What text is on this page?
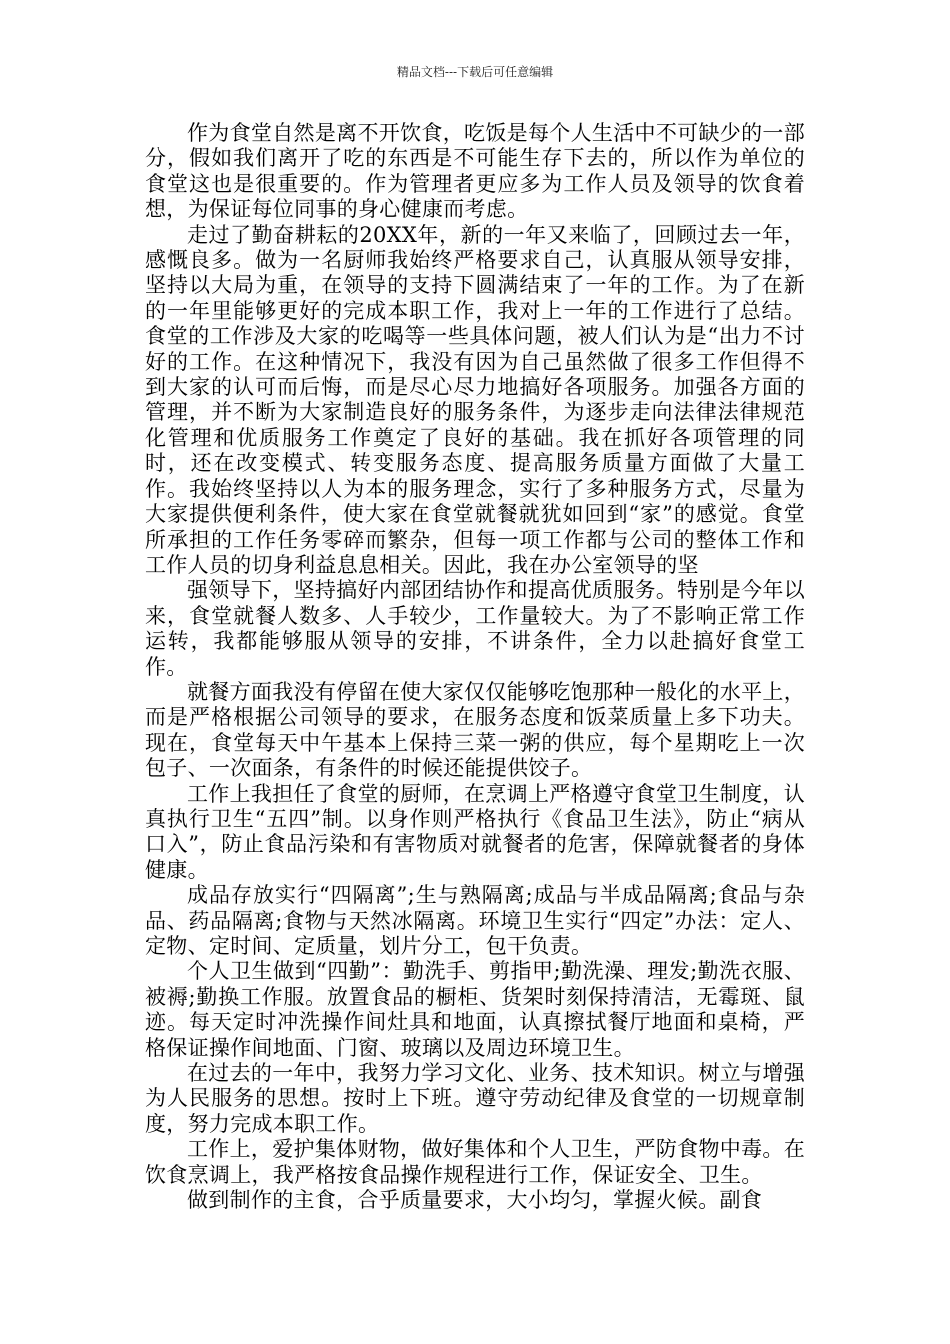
精品文档---下载后可任意编辑

作为食堂自然是离不开饮食，吃饭是每个人生活中不可缺少的一部分，假如我们离开了吃的东西是不可能生存下去的，所以作为单位的食堂这也是很重要的。作为管理者更应多为工作人员及领导的饮食着想，为保证每位同事的身心健康而考虑。

走过了勤奋耕耘的20XX年，新的一年又来临了，回顾过去一年，感慨良多。做为一名厨师我始终严格要求自己，认真服从领导安排，坚持以大局为重，在领导的支持下圆满结束了一年的工作。为了在新的一年里能够更好的完成本职工作，我对上一年的工作进行了总结。食堂的工作涉及大家的吃喝等一些具体问题，被人们认为是“出力不讨好的工作。在这种情况下，我没有因为自己虽然做了很多工作但得不到大家的认可而后悔，而是尽心尽力地搞好各项服务。加强各方面的管理，并不断为大家制造良好的服务条件，为逐步走向法律法律规范化管理和优质服务工作奠定了良好的基础。我在抓好各项管理的同时，还在改变模式、转变服务态度、提高服务质量方面做了大量工作。我始终坚持以人为本的服务理念，实行了多种服务方式，尽量为大家提供便利条件，使大家在食堂就餐就犹如回到“家”的感觉。食堂所承担的工作任务零碎而繁杂，但每一项工作都与公司的整体工作和工作人员的切身利益息息相关。因此，我在办公室领导的坚

强领导下，坚持搞好内部团结协作和提高优质服务。特别是今年以来，食堂就餐人数多、人手较少，工作量较大。为了不影响正常工作运转，我都能够服从领导的安排，不讲条件，全力以赴搞好食堂工作。

就餐方面我没有停留在使大家仅仅能够吃饱那种一般化的水平上，而是严格根据公司领导的要求，在服务态度和饭菜质量上多下功夫。现在，食堂每天中午基本上保持三菜一粥的供应，每个星期吃上一次包子、一次面条，有条件的时候还能提供饺子。

工作上我担任了食堂的厨师，在烹调上严格遵守食堂卫生制度，认真执行卫生“五四”制。以身作则严格执行《食品卫生法》，防止“病从口入”，防止食品污染和有害物质对就餐者的危害，保障就餐者的身体健康。

成品存放实行“四隔离”;生与熟隔离;成品与半成品隔离;食品与杂品、药品隔离;食物与天然冰隔离。环境卫生实行“四定”办法：定人、定物、定时间、定质量，划片分工，包干负责。

个人卫生做到“四勤”：勤洗手、剪指甲;勤洗澡、理发;勤洗衣服、被褥;勤换工作服。放置食品的橱柜、货架时刻保持清洁，无霉斑、鼠迹。每天定时冲洗操作间灶具和地面，认真擦拭餐厅地面和桌椅，严格保证操作间地面、门窗、玻璃以及周边环境卫生。

在过去的一年中，我努力学习文化、业务、技术知识。树立与增强为人民服务的思想。按时上下班。遵守劳动纪律及食堂的一切规章制度，努力完成本职工作。

工作上，爱护集体财物，做好集体和个人卫生，严防食物中毒。在饮食烹调上，我严格按食品操作规程进行工作，保证安全、卫生。

做到制作的主食，合乎质量要求，大小均匀，掌握火候。副食
